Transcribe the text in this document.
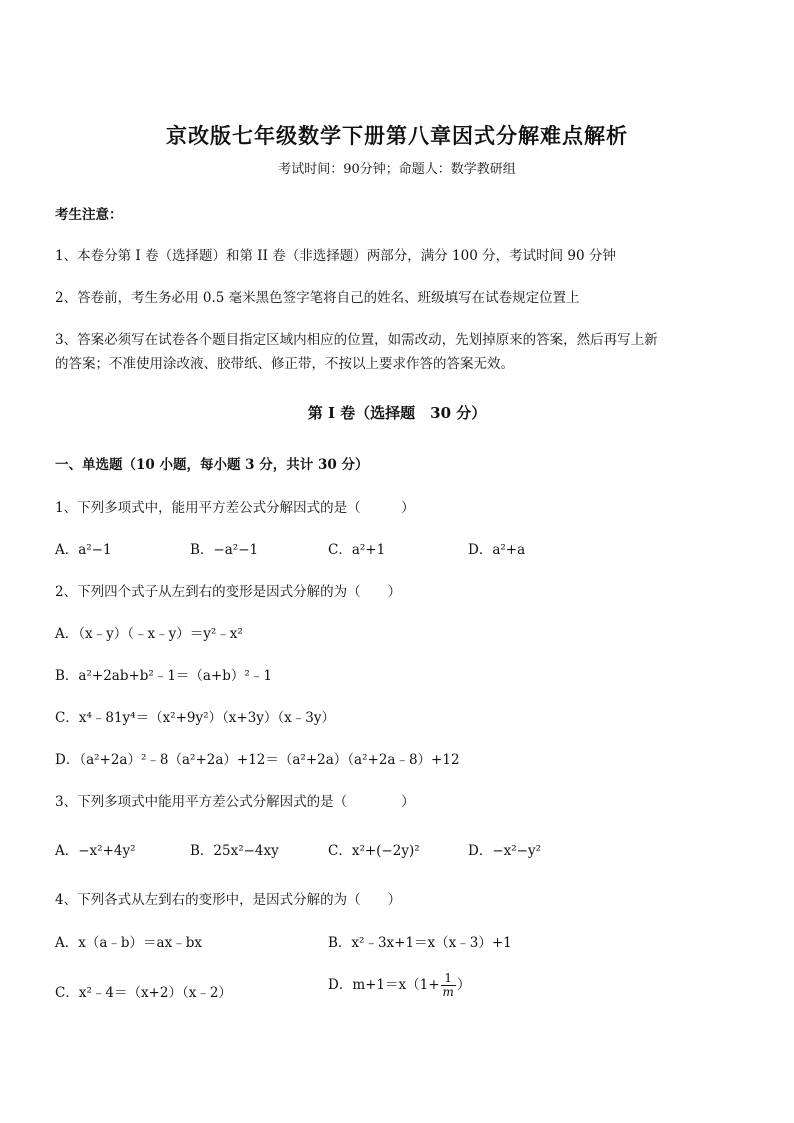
京改版七年级数学下册第八章因式分解难点解析
考试时间：90分钟；命题人：数学教研组
考生注意：
1、本卷分第 I 卷（选择题）和第 II 卷（非选择题）两部分，满分 100 分，考试时间 90 分钟
2、答卷前，考生务必用 0.5 毫米黑色签字笔将自己的姓名、班级填写在试卷规定位置上
3、答案必须写在试卷各个题目指定区域内相应的位置，如需改动，先划掉原来的答案，然后再写上新
的答案；不准使用涂改液、胶带纸、修正带，不按以上要求作答的答案无效。
第 I 卷（选择题　30 分）
一、单选题（10 小题，每小题 3 分，共计 30 分）
1、下列多项式中，能用平方差公式分解因式的是（　　　）
A．a²−1	B．−a²−1	C．a²+1	D．a²+a
2、下列四个式子从左到右的变形是因式分解的为（　　）
A．（x﹣y）（﹣x﹣y）＝y²﹣x²
B．a²+2ab+b²﹣1＝（a+b）²﹣1
C．x⁴﹣81y⁴＝（x²+9y²）（x+3y）（x﹣3y）
D．（a²+2a）²﹣8（a²+2a）+12＝（a²+2a）（a²+2a﹣8）+12
3、下列多项式中能用平方差公式分解因式的是（　　　　）
A．−x²+4y²	B．25x²−4xy	C．x²+(−2y)²	D．−x²−y²
4、下列各式从左到右的变形中，是因式分解的为（　　）
A．x（a﹣b）＝ax﹣bx	B．x²﹣3x+1＝x（x﹣3）+1
C．x²﹣4＝（x+2）（x﹣2）	D．$m+1=x(1+ \frac{1}{m}$ ）
